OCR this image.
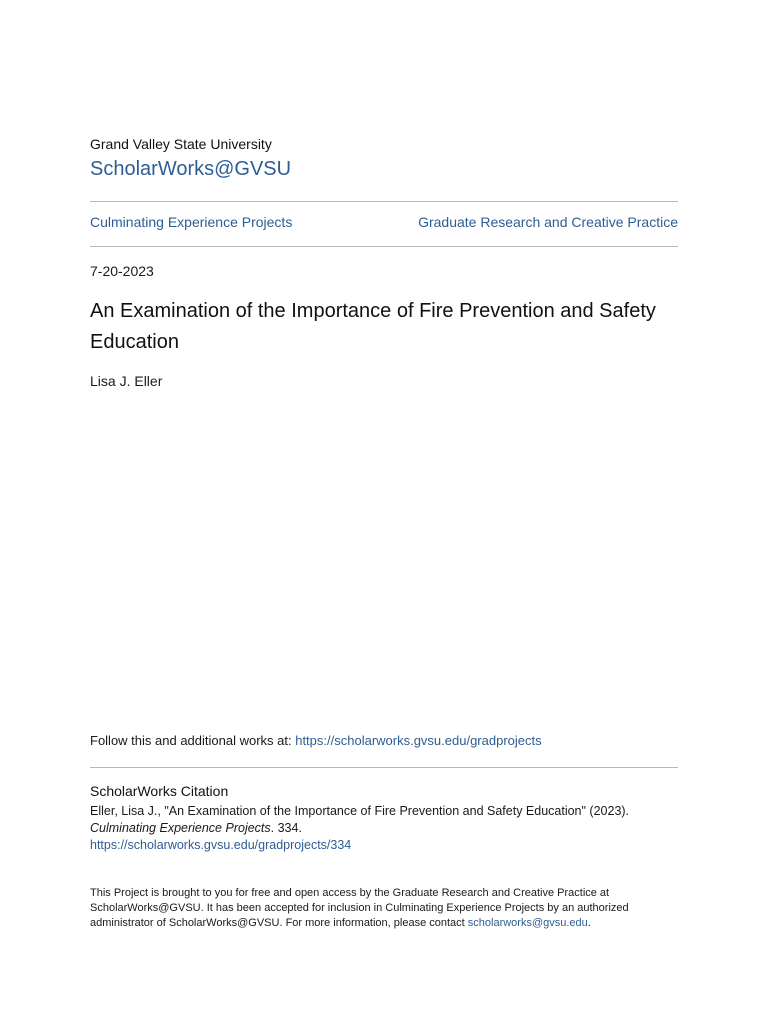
Grand Valley State University
ScholarWorks@GVSU
Culminating Experience Projects	Graduate Research and Creative Practice
7-20-2023
An Examination of the Importance of Fire Prevention and Safety Education
Lisa J. Eller
Follow this and additional works at: https://scholarworks.gvsu.edu/gradprojects
ScholarWorks Citation
Eller, Lisa J., "An Examination of the Importance of Fire Prevention and Safety Education" (2023).
Culminating Experience Projects. 334.
https://scholarworks.gvsu.edu/gradprojects/334
This Project is brought to you for free and open access by the Graduate Research and Creative Practice at ScholarWorks@GVSU. It has been accepted for inclusion in Culminating Experience Projects by an authorized administrator of ScholarWorks@GVSU. For more information, please contact scholarworks@gvsu.edu.
